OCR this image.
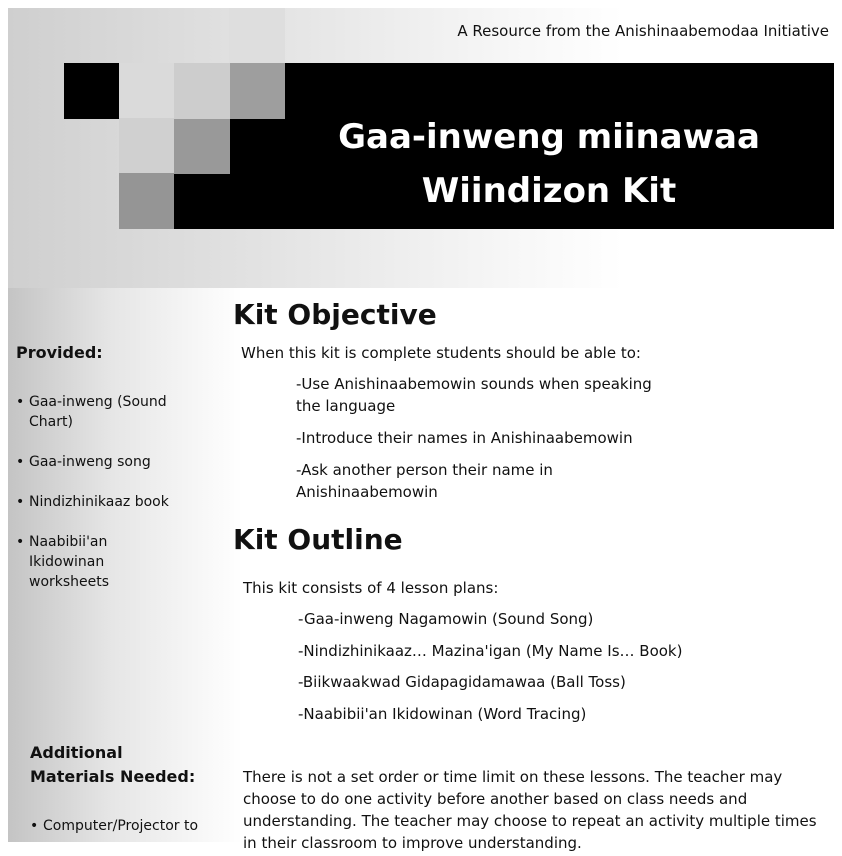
A Resource from the Anishinaabemodaa Initiative
Gaa-inweng miinawaa
Wiindizon Kit
Provided:
• Gaa-inweng (Sound Chart)
• Gaa-inweng song
• Nindizhinikaaz book
• Naabibii'an Ikidowinan worksheets
Additional Materials Needed:
• Computer/Projector to
Kit Objective
When this kit is complete students should be able to:
-Use Anishinaabemowin sounds when speaking the language
-Introduce their names in Anishinaabemowin
-Ask another person their name in Anishinaabemowin
Kit Outline
This kit consists of 4 lesson plans:
-Gaa-inweng Nagamowin (Sound Song)
-Nindizhinikaaz… Mazina'igan (My Name Is… Book)
-Biikwaakwad Gidapagidamawaa (Ball Toss)
-Naabibii'an Ikidowinan (Word Tracing)
There is not a set order or time limit on these lessons. The teacher may choose to do one activity before another based on class needs and understanding. The teacher may choose to repeat an activity multiple times in their classroom to improve understanding.
